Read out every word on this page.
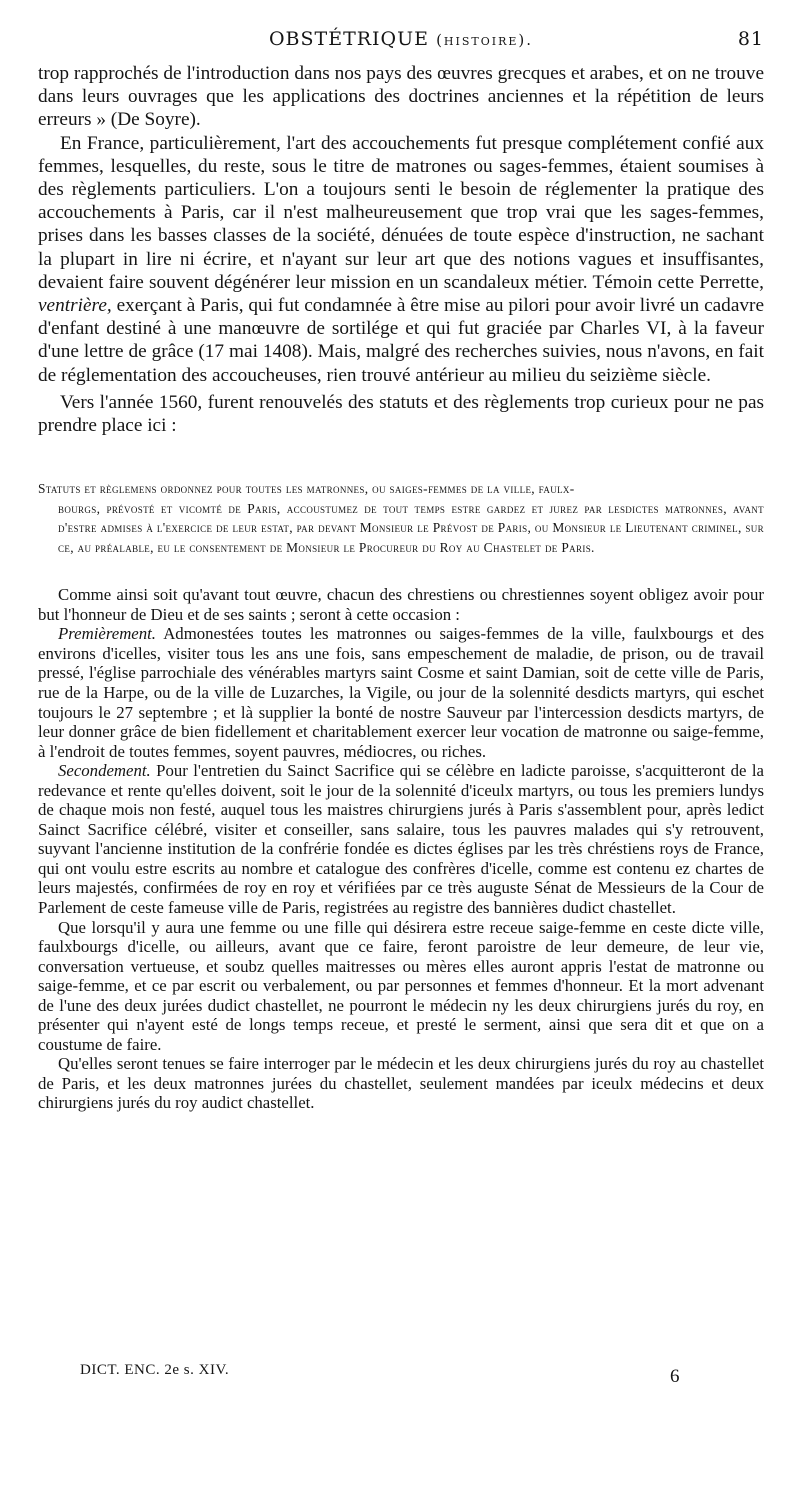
OBSTÉTRIQUE (histoire).	81

trop rapprochés de l'introduction dans nos pays des œuvres grecques et arabes, et on ne trouve dans leurs ouvrages que les applications des doctrines anciennes et la répétition de leurs erreurs » (De Soyre).

En France, particulièrement, l'art des accouchements fut presque complétement confié aux femmes, lesquelles, du reste, sous le titre de matrones ou sages-femmes, étaient soumises à des règlements particuliers. L'on a toujours senti le besoin de réglementer la pratique des accouchements à Paris, car il n'est malheureusement que trop vrai que les sages-femmes, prises dans les basses classes de la société, dénuées de toute espèce d'instruction, ne sachant la plupart in lire ni écrire, et n'ayant sur leur art que des notions vagues et insuffisantes, devaient faire souvent dégénérer leur mission en un scandaleux métier. Témoin cette Perrette, ventrière, exerçant à Paris, qui fut condamnée à être mise au pilori pour avoir livré un cadavre d'enfant destiné à une manœuvre de sortilége et qui fut graciée par Charles VI, à la faveur d'une lettre de grâce (17 mai 1408). Mais, malgré des recherches suivies, nous n'avons, en fait de réglementation des accoucheuses, rien trouvé antérieur au milieu du seizième siècle.

Vers l'année 1560, furent renouvelés des statuts et des règlements trop curieux pour ne pas prendre place ici :

Statuts et règlemens ordonnez pour toutes les matronnes, ou saiges-femmes de la ville, faulx-
bourgs, prévosté et vicomté de Paris, accoustumez de tout temps estre gardez et jurez par lesdictes matronnes, avant d'estre admises à l'exercice de leur estat, par devant Monsieur le Prévost de Paris, ou Monsieur le Lieutenant criminel, sur ce, au préalable, eu le consentement de Monsieur le Procureur du Roy au Chastelet de Paris.

Comme ainsi soit qu'avant tout œuvre, chacun des chrestiens ou chrestiennes soyent obligez avoir pour but l'honneur de Dieu et de ses saints ; seront à cette occasion :

Premièrement. Admonestées toutes les matronnes ou saiges-femmes de la ville, faulxbourgs et des environs d'icelles, visiter tous les ans une fois, sans empeschement de maladie, de prison, ou de travail pressé, l'église parrochiale des vénérables martyrs saint Cosme et saint Damian, soit de cette ville de Paris, rue de la Harpe, ou de la ville de Luzarches, la Vigile, ou jour de la solennité desdicts martyrs, qui eschet toujours le 27 septembre ; et là supplier la bonté de nostre Sauveur par l'intercession desdicts martyrs, de leur donner grâce de bien fidellement et charitablement exercer leur vocation de matronne ou saige-femme, à l'endroit de toutes femmes, soyent pauvres, médiocres, ou riches.

Secondement. Pour l'entretien du Sainct Sacrifice qui se célèbre en ladicte paroisse, s'acquitteront de la redevance et rente qu'elles doivent, soit le jour de la solennité d'iceulx martyrs, ou tous les premiers lundys de chaque mois non festé, auquel tous les maistres chirurgiens jurés à Paris s'assemblent pour, après ledict Sainct Sacrifice célébré, visiter et conseiller, sans salaire, tous les pauvres malades qui s'y retrouvent, suyvant l'ancienne institution de la confrérie fondée es dictes églises par les très chréstiens roys de France, qui ont voulu estre escrits au nombre et catalogue des confrères d'icelle, comme est contenu ez chartes de leurs majestés, confirmées de roy en roy et vérifiées par ce très auguste Sénat de Messieurs de la Cour de Parlement de ceste fameuse ville de Paris, registrées au registre des bannières dudict chastellet.

Que lorsqu'il y aura une femme ou une fille qui désirera estre receue saige-femme en ceste dicte ville, faulxbourgs d'icelle, ou ailleurs, avant que ce faire, feront paroistre de leur demeure, de leur vie, conversation vertueuse, et soubz quelles maitresses ou mères elles auront appris l'estat de matronne ou saige-femme, et ce par escrit ou verbalement, ou par personnes et femmes d'honneur. Et la mort advenant de l'une des deux jurées dudict chastellet, ne pourront le médecin ny les deux chirurgiens jurés du roy, en présenter qui n'ayent esté de longs temps receue, et presté le serment, ainsi que sera dit et que on a coustume de faire.

Qu'elles seront tenues se faire interroger par le médecin et les deux chirurgiens jurés du roy au chastellet de Paris, et les deux matronnes jurées du chastellet, seulement mandées par iceulx médecins et deux chirurgiens jurés du roy audict chastellet.

DICT. ENC. 2e s. XIV.	6
